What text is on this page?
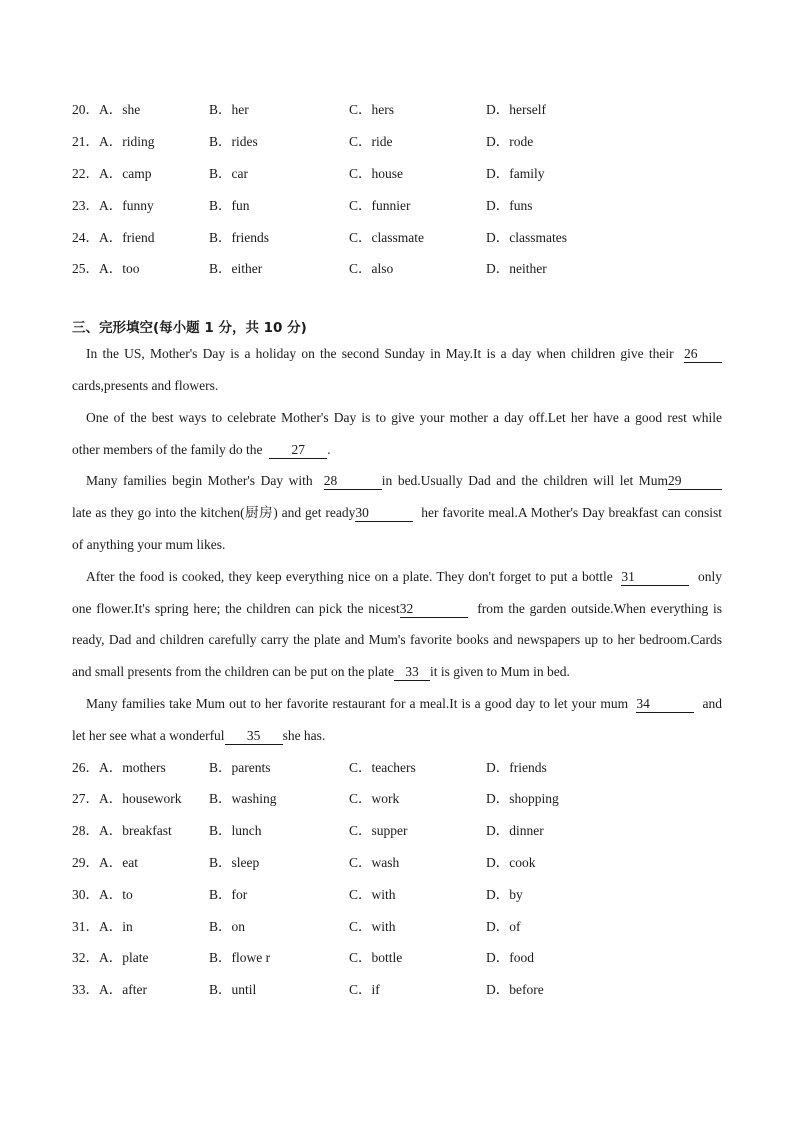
20．A．she	B．her	C．hers	D．herself
21．A．riding	B．rides	C．ride	D．rode
22．A．camp	B．car	C．house	D．family
23．A．funny	B．fun	C．funnier	D．funs
24．A．friend	B．friends	C．classmate	D．classmates
25．A．too	B．either	C．also	D．neither
三、完形填空(每小题 1 分，共 10 分)
In the US, Mother's Day is a holiday on the second Sunday in May.It is a day when children give their 26
cards,presents and flowers.
One of the best ways to celebrate Mother's Day is to give your mother a day off.Let her have a good rest while
other members of the family do the 27 .
Many families begin Mother's Day with 28	in bed.Usually Dad and the children will let Mum29
late as they go into the kitchen(厨房) and get ready30	her favorite meal.A Mother's Day breakfast can consist
of anything your mum likes.
After the food is cooked, they keep everything nice on a plate. They don't forget to put a bottle 31	only
one flower.It's spring here; the children can pick the nicest32	from the garden outside.When everything is
ready, Dad and children carefully carry the plate and Mum's favorite books and newspapers up to her bedroom.Cards
and small presents from the children can be put on the plate 33 it is given to Mum in bed.
Many families take Mum out to her favorite restaurant for a meal.It is a good day to let your mum 34	and
let her see what a wonderful 35 she has.
26．A．mothers	B．parents	C．teachers	D．friends
27．A．housework B．washing	C．work	D．shopping
28．A．breakfast	B．lunch	C．supper	D．dinner
29．A．eat	B．sleep	C．wash	D．cook
30．A．to	B．for	C．with	D．by
31．A．in	B．on	C．with	D．of
32．A．plate	B．flowe r	C．bottle	D．food
33．A．after	B．until	C．if	D．before
